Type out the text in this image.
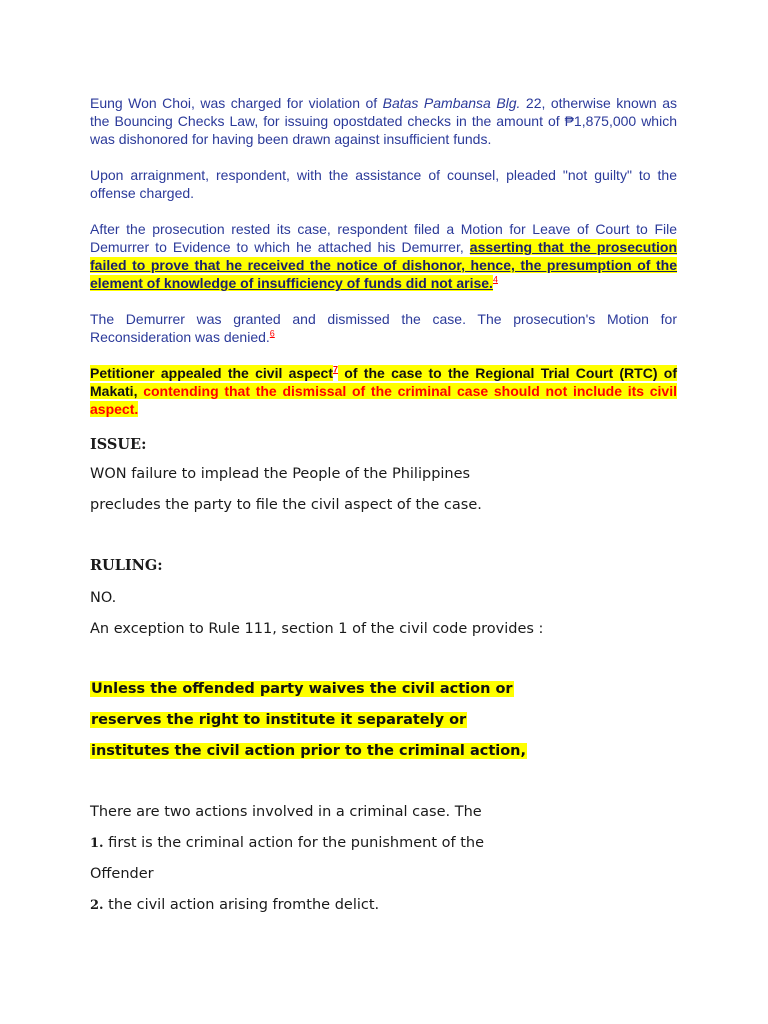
Eung Won Choi, was charged for violation of Batas Pambansa Blg. 22, otherwise known as the Bouncing Checks Law, for issuing opostdated checks in the amount of ₱1,875,000 which was dishonored for having been drawn against insufficient funds.

Upon arraignment, respondent, with the assistance of counsel, pleaded "not guilty" to the offense charged.

After the prosecution rested its case, respondent filed a Motion for Leave of Court to File Demurrer to Evidence to which he attached his Demurrer, asserting that the prosecution failed to prove that he received the notice of dishonor, hence, the presumption of the element of knowledge of insufficiency of funds did not arise.$^4$

The Demurrer was granted and dismissed the case. The prosecution's Motion for Reconsideration was denied.$^6$

Petitioner appealed the civil aspect$^7$ of the case to the Regional Trial Court (RTC) of Makati, contending that the dismissal of the criminal case should not include its civil aspect.

ISSUE:

WON failure to implead the People of the Philippines

precludes the party to file the civil aspect of the case.

RULING:

NO.

An exception to Rule 111, section 1 of the civil code provides :

Unless the offended party waives the civil action or

reserves the right to institute it separately or

institutes the civil action prior to the criminal action,

There are two actions involved in a criminal case. The

1. first is the criminal action for the punishment of the

Offender

2. the civil action arising fromthe delict.
